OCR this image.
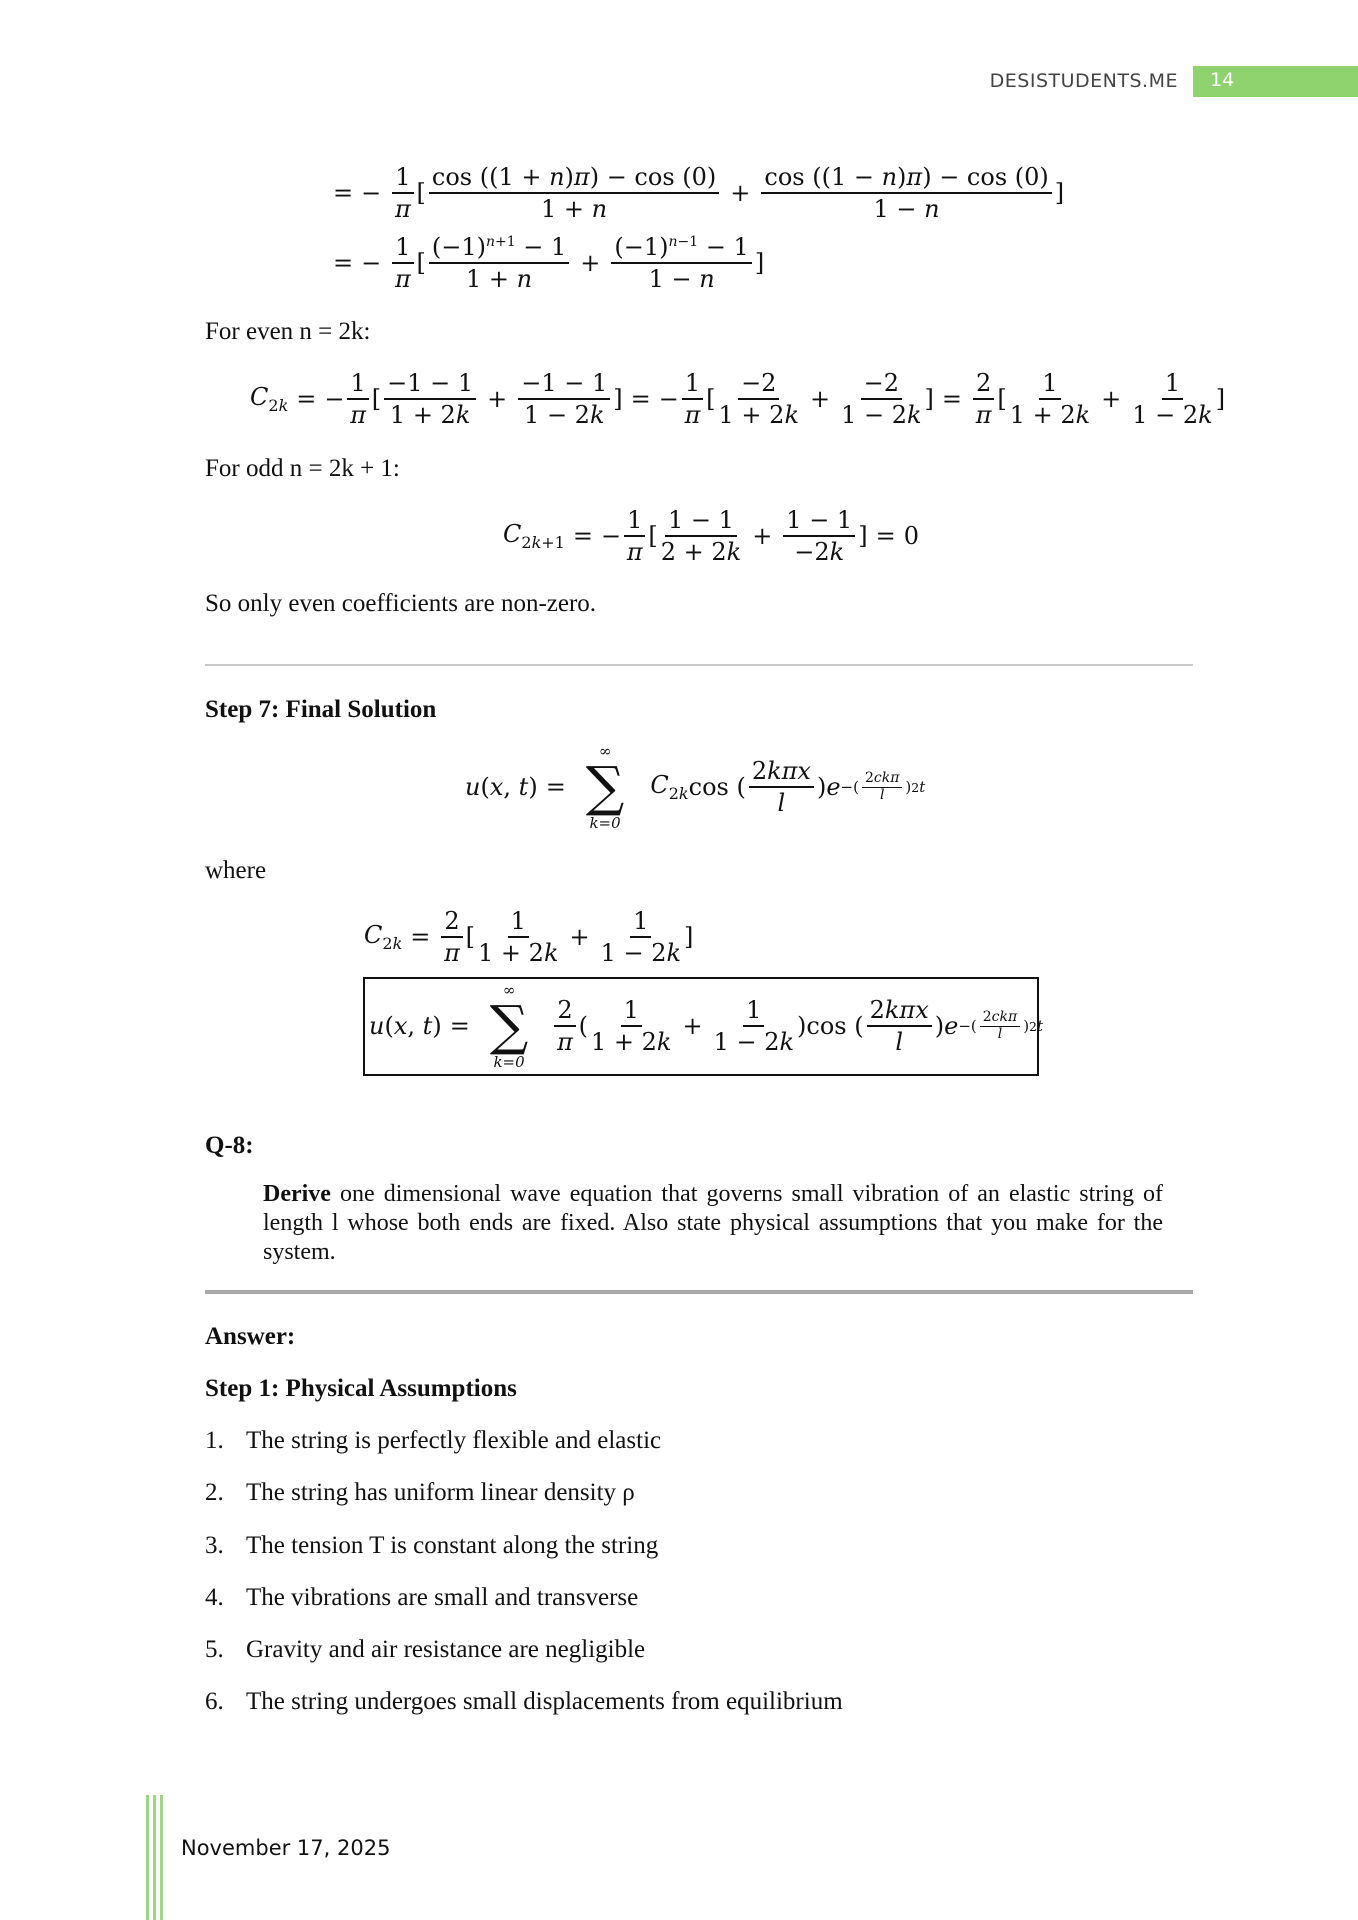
DESISTUDENTS.ME 14
= − $\frac{1}{\pi}$ [ $\frac{\cos ((1 + n)\pi) - \cos (0)}{1 + n} + \frac{\cos ((1 - n)\pi) - \cos (0)}{1 - n}$ ]
= − $\frac{1}{\pi}$ [ $\frac{(-1)^{n+1} - 1}{1 + n} + \frac{(-1)^{n-1} - 1}{1 - n}$ ]
For even n = 2k:
$C_{2k}$ = − $\frac{1}{\pi}$ [ $\frac{-1 - 1}{1 + 2k} + \frac{-1 - 1}{1 - 2k}$ ] = − $\frac{1}{\pi}$ [ $\frac{-2}{1 + 2k} + \frac{-2}{1 - 2k}$ ] = $\frac{2}{\pi}$ [ $\frac{1}{1 + 2k} + \frac{1}{1 - 2k}$ ]
For odd n = 2k + 1:
$C_{2k+1}$ = − $\frac{1}{\pi}$ [ $\frac{1 - 1}{2 + 2k} + \frac{1 - 1}{-2k}$ ] = 0
So only even coefficients are non-zero.
Step 7: Final Solution
u(x, t) =
∞
∑
k=0
$C_{2k}$ cos ( $\frac{\text{2kπx}}{l} )e$ −( $\frac{\text{2ckπ}}{l}$ ) 2 t
where
$C_{2k} = \frac{2}{\pi}$ [ $\frac{1}{1 + 2k} + \frac{1}{1 - 2k}$ ]
u(x, t) =
∞
∑
k=0
$\frac{2}{\pi}$ ( $\frac{1}{1 + 2k} + \frac{1}{1 - 2k} )\cos$ ( $\frac{\text{2kπx}}{l} )e$ −( $\frac{\text{2ckπ}}{l}$ ) 2 t
Q-8:
Derive one dimensional wave equation that governs small vibration of an elastic string of length l whose both ends are fixed. Also state physical assumptions that you make for the system.
Answer:
Step 1: Physical Assumptions
1. The string is perfectly flexible and elastic
2. The string has uniform linear density ρ
3. The tension T is constant along the string
4. The vibrations are small and transverse
5. Gravity and air resistance are negligible
6. The string undergoes small displacements from equilibrium
November 17, 2025
